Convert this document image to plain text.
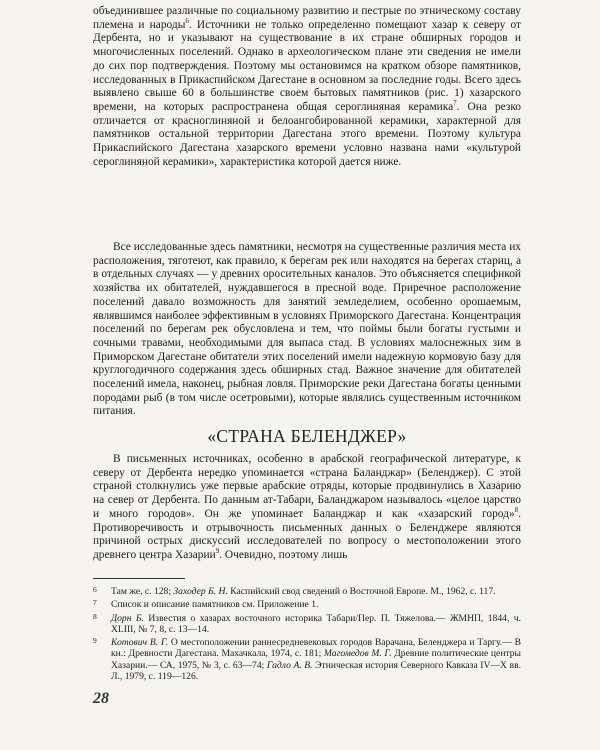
объединившее различные по социальному развитию и пестрые по этническому составу племена и народы$^6$. Источники не только определенно помещают хазар к северу от Дербента, но и указывают на существование в их стране обширных городов и многочисленных поселений. Однако в археологическом плане эти сведения не имели до сих пор подтверждения. Поэтому мы остановимся на кратком обзоре памятников, исследованных в Прикаспийском Дагестане в основном за последние годы. Всего здесь выявлено свыше 60 в большинстве своем бытовых памятников (рис. 1) хазарского времени, на которых распространена общая сероглиняная керамика$^7$. Она резко отличается от красноглиняной и белоангобированной керамики, характерной для памятников остальной территории Дагестана этого времени. Поэтому культура Прикаспийского Дагестана хазарского времени условно названа нами «культурой сероглиняной керамики», характеристика которой дается ниже.

Все исследованные здесь памятники, несмотря на существенные различия места их расположения, тяготеют, как правило, к берегам рек или находятся на берегах стариц, а в отдельных случаях — у древних оросительных каналов. Это объясняется спецификой хозяйства их обитателей, нуждавшегося в пресной воде. Приречное расположение поселений давало возможность для занятий земледелием, особенно орошаемым, являвшимся наиболее эффективным в условиях Приморского Дагестана. Концентрация поселений по берегам рек обусловлена и тем, что поймы были богаты густыми и сочными травами, необходимыми для выпаса стад. В условиях малоснежных зим в Приморском Дагестане обитатели этих поселений имели надежную кормовую базу для круглогодичного содержания здесь обширных стад. Важное значение для обитателей поселений имела, наконец, рыбная ловля. Приморские реки Дагестана богаты ценными породами рыб (в том числе осетровыми), которые являлись существенным источником питания.

«СТРАНА БЕЛЕНДЖЕР»

В письменных источниках, особенно в арабской географической литературе, к северу от Дербента нередко упоминается «страна Баланджар» (Беленджер). С этой страной столкнулись уже первые арабские отряды, которые продвинулись в Хазарию на север от Дербента. По данным ат-Табари, Баланджаром называлось «целое царство и много городов». Он же упоминает Баланджар и как «хазарский город»$^8$. Противоречивость и отрывочность письменных данных о Беленджере являются причиной острых дискуссий исследователей по вопросу о местоположении этого древнего центра Хазарии$^9$. Очевидно, поэтому лишь

6 Там же, с. 128; Заходер Б. Н. Каспийский свод сведений о Восточной Европе. М., 1962, с. 117.

7 Список и описание памятников см. Приложение 1.

8 Дорн Б. Известия о хазарах восточного историка Табари/Пер. П. Тяжелова.— ЖМНП, 1844, ч. XLIII, № 7, 8, с. 13—14.

9 Котович В. Г. О местоположении раннесредневековых городов Варачана, Беленджера и Таргу.— В кн.: Древности Дагестана. Махачкала, 1974, с. 181; Магомедов М. Г. Древние политические центры Хазарии.— СА, 1975, № 3, с. 63—74; Гадло А. В. Этническая история Северного Кавказа IV—X вв. Л., 1979, с. 119—126.

28
